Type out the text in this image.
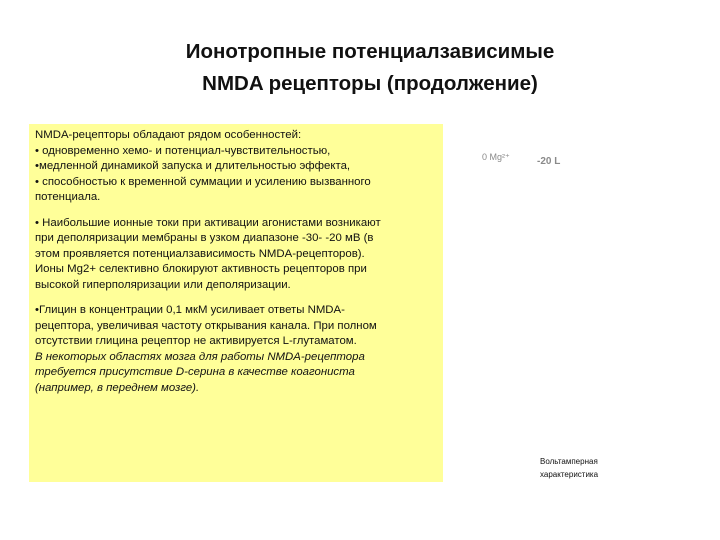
Ионотропные потенциалзависимые
NMDA рецепторы (продолжение)

NMDA-рецепторы обладают рядом особенностей:
• одновременно хемо- и потенциал-чувствительностью,
•медленной динамикой запуска и длительностью эффекта,
• способностью к временной суммации и усилению вызванного
потенциала.

• Наибольшие ионные токи при активации агонистами возникают
при деполяризации мембраны в узком диапазоне -30- -20 мВ (в
этом проявляется потенциалзависимость NMDA-рецепторов).
Ионы Mg2+ селективно блокируют активность рецепторов при
высокой гиперполяризации или деполяризации.

•Глицин в концентрации 0,1 мкМ усиливает ответы NMDA-
рецептора, увеличивая частоту открывания канала. При полном
отсутствии глицина рецептор не активируется L-глутаматом.
В некоторых областях мозга для работы NMDA-рецептора
требуется присутствие D-серина в качестве коагониста
(например, в переднем мозге).

0 Mg²⁺	-20 L
Вольтамперная
характеристика
